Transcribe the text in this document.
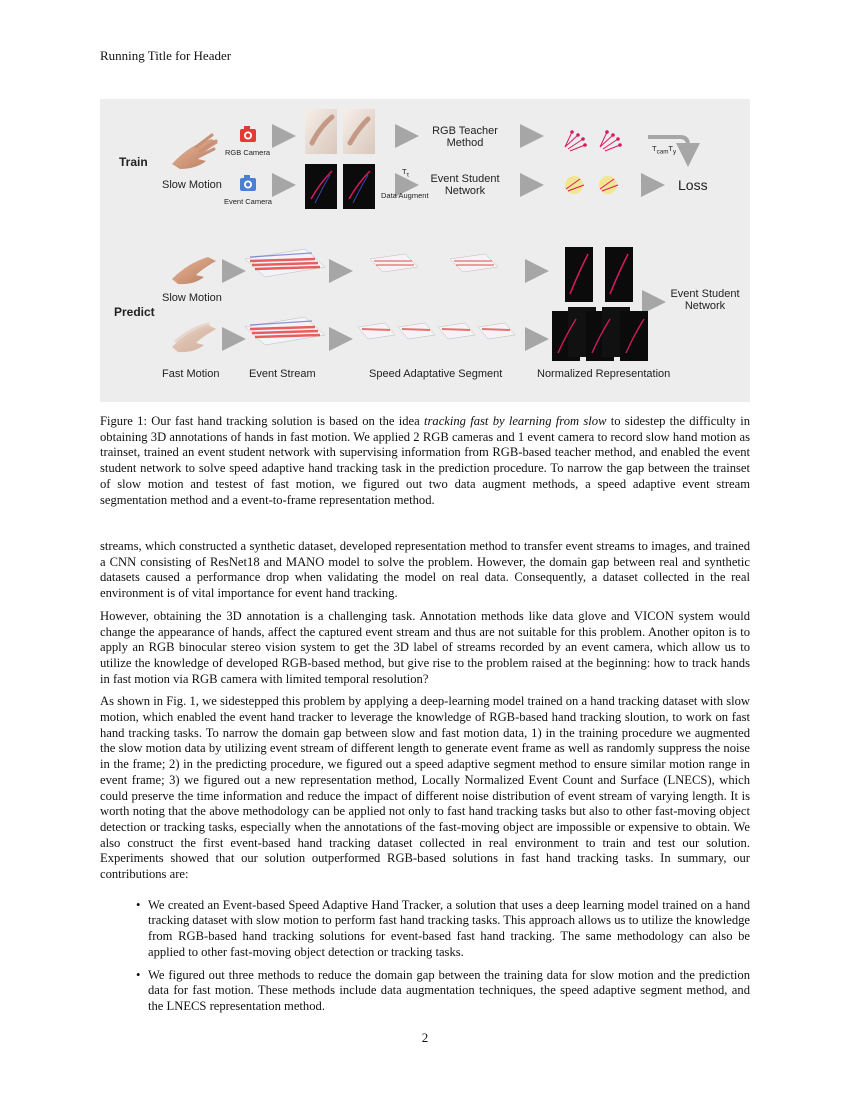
Running Title for Header
Train
RGB Camera
Slow Motion
Event Camera
$T_\tau$
Data Augment
RGB Teacher
Method
Event Student
Network
$T_{cam}T_y$
Loss
Predict
Slow Motion
Fast Motion	Event Stream	Speed Adaptative Segment	Normalized Representation
Event Student
Network
Figure 1: Our fast hand tracking solution is based on the idea tracking fast by learning from slow to sidestep the difficulty in obtaining 3D annotations of hands in fast motion. We applied 2 RGB cameras and 1 event camera to record slow hand motion as trainset, trained an event student network with supervising information from RGB-based teacher method, and enabled the event student network to solve speed adaptive hand tracking task in the prediction procedure. To narrow the gap between the trainset of slow motion and testest of fast motion, we figured out two data augment methods, a speed adaptive event stream segmentation method and a event-to-frame representation method.

streams, which constructed a synthetic dataset, developed representation method to transfer event streams to images, and trained a CNN consisting of ResNet18 and MANO model to solve the problem. However, the domain gap between real and synthetic datasets caused a performance drop when validating the model on real data. Consequently, a dataset collected in the real environment is of vital importance for event hand tracking.

However, obtaining the 3D annotation is a challenging task. Annotation methods like data glove and VICON system would change the appearance of hands, affect the captured event stream and thus are not suitable for this problem. Another opiton is to apply an RGB binocular stereo vision system to get the 3D label of streams recorded by an event camera, which allow us to utilize the knowledge of developed RGB-based method, but give rise to the problem raised at the beginning: how to track hands in fast motion via RGB camera with limited temporal resolution?

As shown in Fig. 1, we sidestepped this problem by applying a deep-learning model trained on a hand tracking dataset with slow motion, which enabled the event hand tracker to leverage the knowledge of RGB-based hand tracking sloution, to work on fast hand tracking tasks. To narrow the domain gap between slow and fast motion data, 1) in the training procedure we augmented the slow motion data by utilizing event stream of different length to generate event frame as well as randomly suppress the noise in the frame; 2) in the predicting procedure, we figured out a speed adaptive segment method to ensure similar motion range in event frame; 3) we figured out a new representation method, Locally Normalized Event Count and Surface (LNECS), which could preserve the time information and reduce the impact of different noise distribution of event stream of varying length. It is worth noting that the above methodology can be applied not only to fast hand tracking tasks but also to other fast-moving object detection or tracking tasks, especially when the annotations of the fast-moving object are impossible or expensive to obtain. We also construct the first event-based hand tracking dataset collected in real environment to train and test our solution. Experiments showed that our solution outperformed RGB-based solutions in fast hand tracking tasks. In summary, our contributions are:

• We created an Event-based Speed Adaptive Hand Tracker, a solution that uses a deep learning model trained on a hand tracking dataset with slow motion to perform fast hand tracking tasks. This approach allows us to utilize the knowledge from RGB-based hand tracking solutions for event-based fast hand tracking. The same methodology can also be applied to other fast-moving object detection or tracking tasks.
• We figured out three methods to reduce the domain gap between the training data for slow motion and the prediction data for fast motion. These methods include data augmentation techniques, the speed adaptive segment method, and the LNECS representation method.
2
